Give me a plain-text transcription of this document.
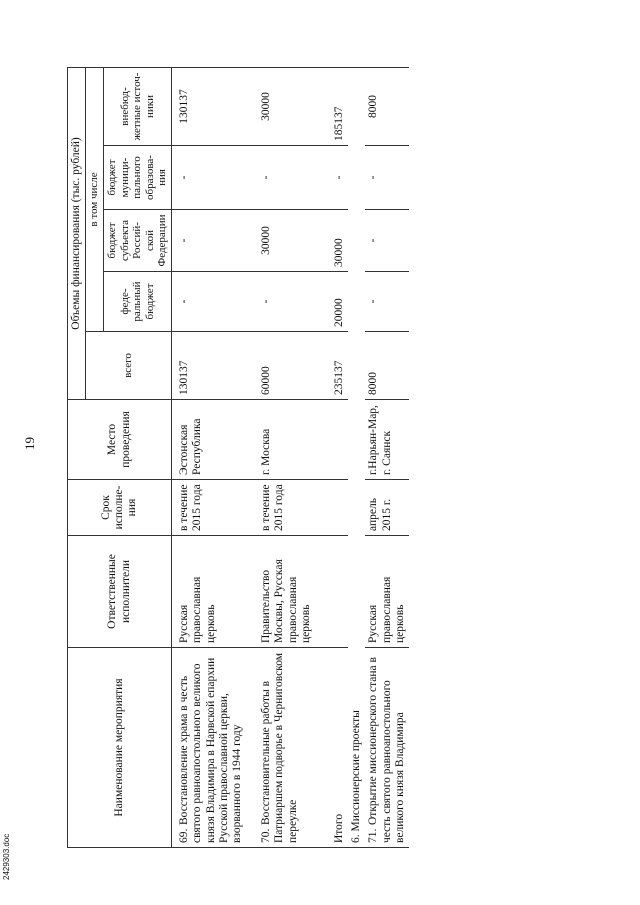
19
2429303.doc
Наименование мероприятия	Ответственные исполнители	Срок исполне-ния	Место проведения	Объемы финансирования (тыс. рублей)				
				всего	в том числе			
					феде-ральный бюджет	бюджет субъекта Россий-ской Федерации	бюджет муници-пального образова-ния	внебюд-жетные источ-ники
69.Восстановление храма в честь святого равноапостольного великого князя Владимира в Нарвской епархии Русской православной церкви, взорванного в 1944 году	Русская православная церковь	в течение 2015 года	Эстонская Республика	130137	-	-	-	130137
70.Восстановительные работы в Патриаршем подворье в Черниговском переулке	Правительство Москвы, Русская православная церковь	в течение 2015 года	г. Москва	60000	-	30000	-	30000
Итого				235137	20000	30000	-	185137
6. Миссионерские проекты								
71.Открытие миссионерского стана в честь святого равноапостольного великого князя Владимира	Русская православная церковь	апрель 2015 г.	г.Нарьян-Мар, г. Саянск	8000	-	-	-	8000
